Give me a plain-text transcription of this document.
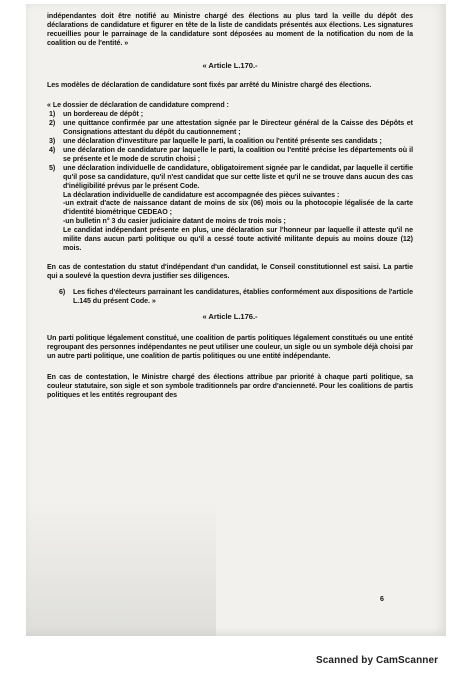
indépendantes doit être notifié au Ministre chargé des élections au plus tard la veille du dépôt des déclarations de candidature et figurer en tête de la liste de candidats présentés aux élections. Les signatures recueillies pour le parrainage de la candidature sont déposées au moment de la notification du nom de la coalition ou de l'entité. »

« Article L.170.-

Les modèles de déclaration de candidature sont fixés par arrêté du Ministre chargé des élections.

« Le dossier de déclaration de candidature comprend :

1) un bordereau de dépôt ;
2) une quittance confirmée par une attestation signée par le Directeur général de la Caisse des Dépôts et Consignations attestant du dépôt du cautionnement ;
3) une déclaration d'investiture par laquelle le parti, la coalition ou l'entité présente ses candidats ;
4) une déclaration de candidature par laquelle le parti, la coalition ou l'entité précise les départements où il se présente et le mode de scrutin choisi ;
5) une déclaration individuelle de candidature, obligatoirement signée par le candidat, par laquelle il certifie qu'il pose sa candidature, qu'il n'est candidat que sur cette liste et qu'il ne se trouve dans aucun des cas d'inéligibilité prévus par le présent Code.

La déclaration individuelle de candidature est accompagnée des pièces suivantes :

-un extrait d'acte de naissance datant de moins de six (06) mois ou la photocopie légalisée de la carte d'identité biométrique CEDEAO ;

-un bulletin n° 3 du casier judiciaire datant de moins de trois mois ;

Le candidat indépendant présente en plus, une déclaration sur l'honneur par laquelle il atteste qu'il ne milite dans aucun parti politique ou qu'il a cessé toute activité militante depuis au moins douze (12) mois.

En cas de contestation du statut d'indépendant d'un candidat, le Conseil constitutionnel est saisi. La partie qui a soulevé la question devra justifier ses diligences.

6) Les fiches d'électeurs parrainant les candidatures, établies conformément aux dispositions de l'article L.145 du présent Code. »

« Article L.176.-

Un parti politique légalement constitué, une coalition de partis politiques légalement constitués ou une entité regroupant des personnes indépendantes ne peut utiliser une couleur, un sigle ou un symbole déjà choisi par un autre parti politique, une coalition de partis politiques ou une entité indépendante.

En cas de contestation, le Ministre chargé des élections attribue par priorité à chaque parti politique, sa couleur statutaire, son sigle et son symbole traditionnels par ordre d'ancienneté. Pour les coalitions de partis politiques et les entités regroupant des

6
Scanned by CamScanner
